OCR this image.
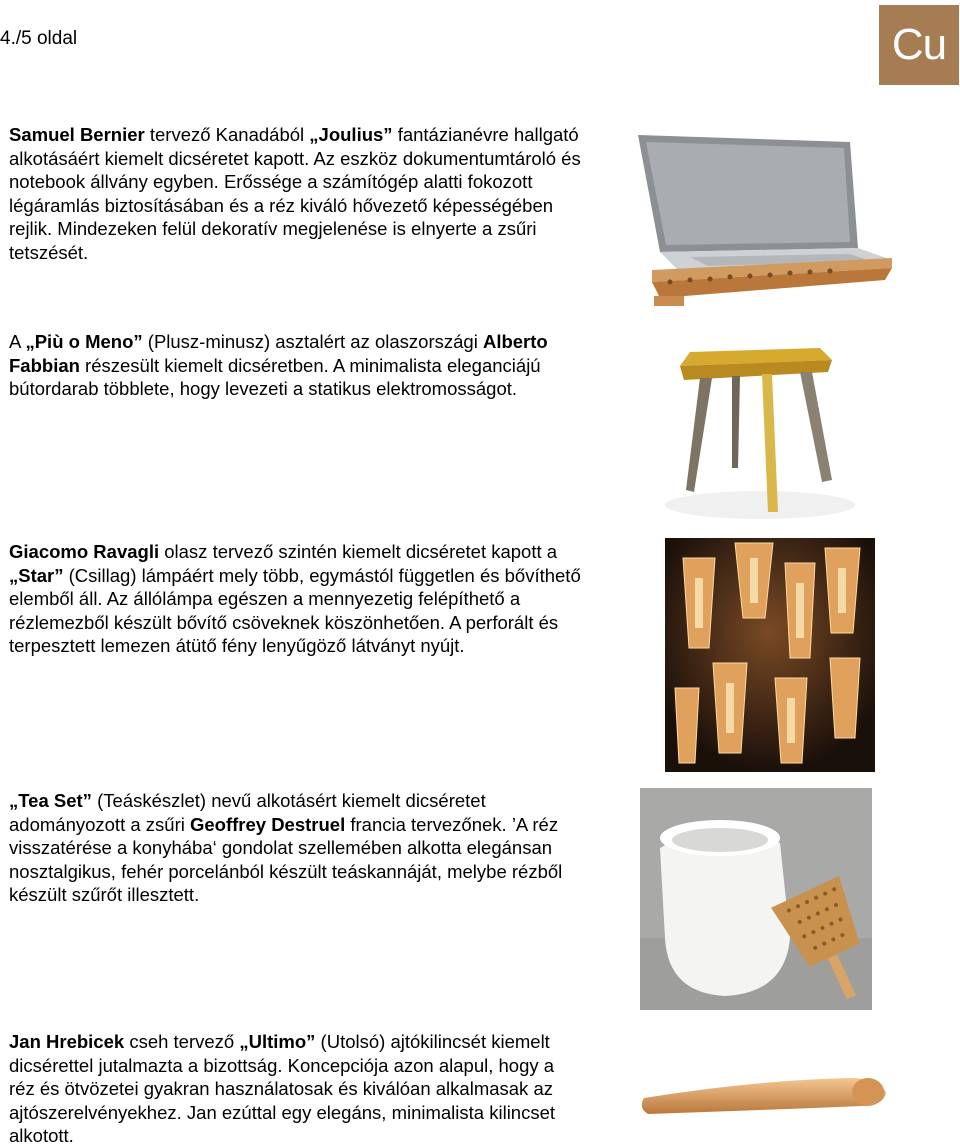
4./5 oldal	Cu
Samuel Bernier tervező Kanadából „Joulius” fantázianévre hallgató alkotásáért kiemelt dicséretet kapott. Az eszköz dokumentumtároló és notebook állvány egyben. Erőssége a számítógép alatti fokozott légáramlás biztosításában és a réz kiváló hővezető képességében rejlik. Mindezeken felül dekoratív megjelenése is elnyerte a zsűri tetszését.
A „Più o Meno” (Plusz-minusz) asztalért az olaszországi Alberto Fabbian részesült kiemelt dicséretben. A minimalista eleganciájú bútordarab többlete, hogy levezeti a statikus elektromosságot.
Giacomo Ravagli olasz tervező szintén kiemelt dicséretet kapott a „Star” (Csillag) lámpáért mely több, egymástól független és bővíthető elemből áll. Az állólámpa egészen a mennyezetig felépíthető a rézlemezből készült bővítő csöveknek köszönhetően. A perforált és terpesztett lemezen átütő fény lenyűgöző látványt nyújt.
„Tea Set” (Teáskészlet) nevű alkotásért kiemelt dicséretet adományozott a zsűri Geoffrey Destruel francia tervezőnek. ’A réz visszatérése a konyhába‘ gondolat szellemében alkotta elegánsan nosztalgikus, fehér porcelánból készült teáskannáját, melybe rézből készült szűrőt illesztett.
Jan Hrebicek cseh tervező „Ultimo” (Utolsó) ajtókilincsét kiemelt dicsérettel jutalmazta a bizottság. Koncepciója azon alapul, hogy a réz és ötvözetei gyakran használatosak és kiválóan alkalmasak az ajtószerelvényekhez. Jan ezúttal egy elegáns, minimalista kilincset alkotott.
